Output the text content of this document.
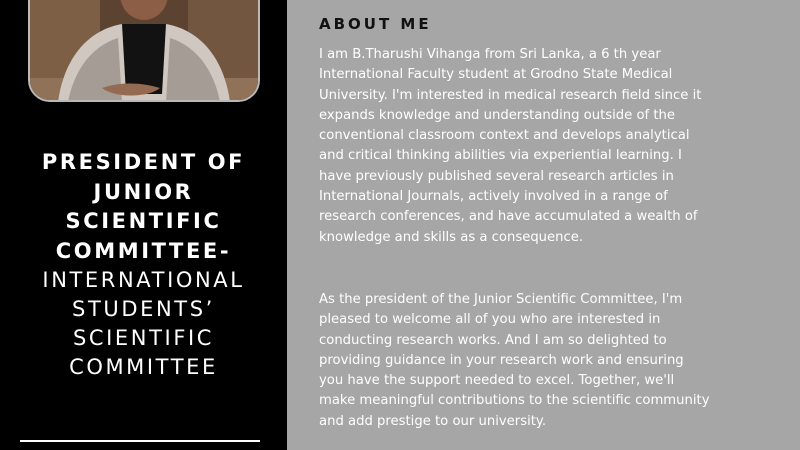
PRESIDENT OF

JUNIOR

SCIENTIFIC

COMMITTEE-

INTERNATIONAL

STUDENTS’

SCIENTIFIC

COMMITTEE

ABOUT ME

I am B.Tharushi Vihanga from Sri Lanka, a 6 th year
International Faculty student at Grodno State Medical
University. I'm interested in medical research field since it
expands knowledge and understanding outside of the
conventional classroom context and develops analytical
and critical thinking abilities via experiential learning. I
have previously published several research articles in
International Journals, actively involved in a range of
research conferences, and have accumulated a wealth of
knowledge and skills as a consequence.

As the president of the Junior Scientific Committee, I'm
pleased to welcome all of you who are interested in
conducting research works. And I am so delighted to
providing guidance in your research work and ensuring
you have the support needed to excel. Together, we'll
make meaningful contributions to the scientific community
and add prestige to our university.
